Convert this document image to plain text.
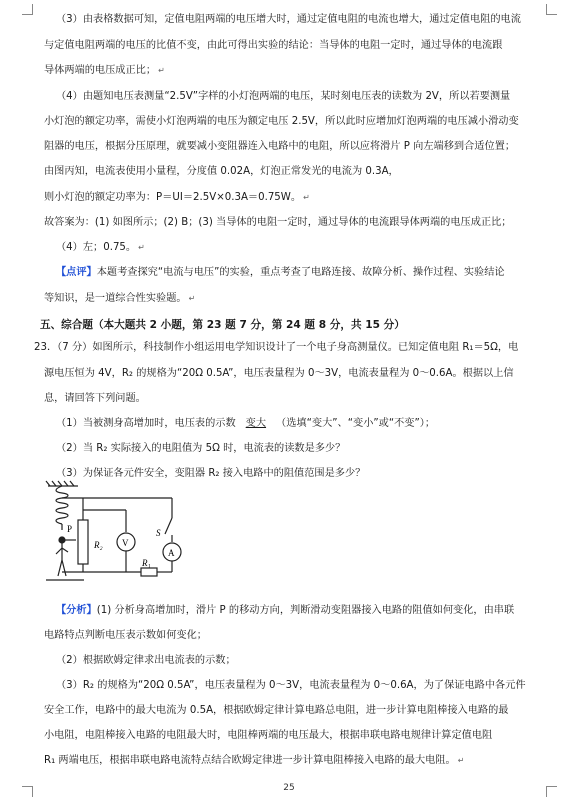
（3）由表格数据可知，定值电阻两端的电压增大时，通过定值电阻的电流也增大，通过定值电阻的电流
与定值电阻两端的电压的比值不变，由此可得出实验的结论：当导体的电阻一定时，通过导体的电流跟
导体两端的电压成正比； ↵
（4）由题知电压表测量“2.5V”字样的小灯泡两端的电压，某时刻电压表的读数为 2V，所以若要测量
小灯泡的额定功率，需使小灯泡两端的电压为额定电压 2.5V，所以此时应增加灯泡两端的电压减小滑动变
阻器的电压，根据分压原理，就要减小变阻器连入电路中的电阻，所以应将滑片 P 向左端移到合适位置；
由图丙知，电流表使用小量程，分度值 0.02A，灯泡正常发光的电流为 0.3A，
则小灯泡的额定功率为：P＝UI＝2.5V×0.3A＝0.75W。 ↵
故答案为：(1) 如图所示；(2) B；(3) 当导体的电阻一定时，通过导体的电流跟导体两端的电压成正比；
（4）左；0.75。 ↵
【点评】本题考查探究“电流与电压”的实验，重点考查了电路连接、故障分析、操作过程、实验结论
等知识，是一道综合性实验题。 ↵
五、综合题（本大题共 2 小题，第 23 题 7 分，第 24 题 8 分，共 15 分）
23．（7 分）如图所示，科技制作小组运用电学知识设计了一个电子身高测量仪。已知定值电阻 R₁＝5Ω，电
源电压恒为 4V，R₂ 的规格为“20Ω 0.5A”，电压表量程为 0～3V，电流表量程为 0～0.6A。根据以上信
息，请回答下列问题。
（1）当被测身高增加时，电压表的示数 变大 （选填“变大”、“变小”或“不变”）；
（2）当 R₂ 实际接入的电阻值为 5Ω 时，电流表的读数是多少？
（3）为保证各元件安全，变阻器 R₂ 接入电路中的阻值范围是多少？
P
R₂ V
S
A
R₁
【分析】(1) 分析身高增加时，滑片 P 的移动方向，判断滑动变阻器接入电路的阻值如何变化，由串联
电路特点判断电压表示数如何变化；
（2）根据欧姆定律求出电流表的示数；
（3）R₂ 的规格为“20Ω 0.5A”，电压表量程为 0～3V，电流表量程为 0～0.6A，为了保证电路中各元件
安全工作，电路中的最大电流为 0.5A，根据欧姆定律计算电路总电阻，进一步计算电阻棒接入电路的最
小电阻，电阻棒接入电路的电阻最大时，电阻棒两端的电压最大，根据串联电路电规律计算定值电阻
R₁ 两端电压，根据串联电路电流特点结合欧姆定律进一步计算电阻棒接入电路的最大电阻。 ↵
25
